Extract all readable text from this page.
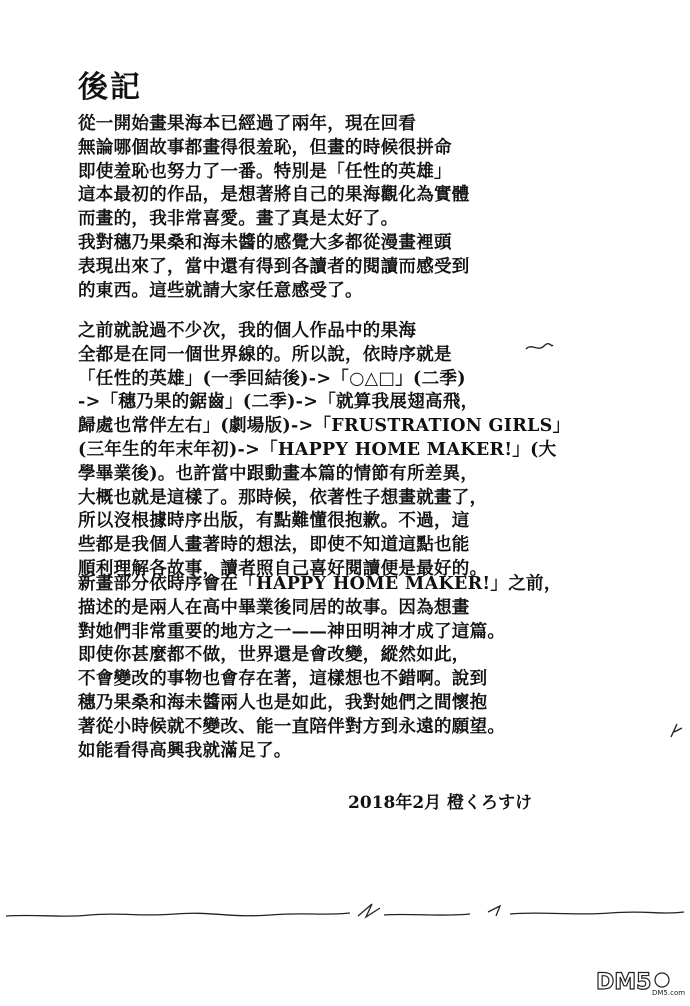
後記
從一開始畫果海本已經過了兩年，現在回看
無論哪個故事都畫得很羞恥，但畫的時候很拼命
即使羞恥也努力了一番。特別是「任性的英雄」
這本最初的作品，是想著將自己的果海觀化為實體
而畫的，我非常喜愛。畫了真是太好了。
我對穗乃果桑和海未醬的感覺大多都從漫畫裡頭
表現出來了，當中還有得到各讀者的閱讀而感受到
的東西。這些就請大家任意感受了。
之前就說過不少次，我的個人作品中的果海
全都是在同一個世界線的。所以說，依時序就是
「任性的英雄」(一季回結後)->「○△□」(二季)
->「穗乃果的鋸齒」(二季)->「就算我展翅高飛，
歸處也常伴左右」(劇場版)->「FRUSTRATION GIRLS」
(三年生的年末年初)->「HAPPY HOME MAKER!」(大
學畢業後)。也許當中跟動畫本篇的情節有所差異，
大概也就是這樣了。那時候，依著性子想畫就畫了，
所以沒根據時序出版，有點難懂很抱歉。不過，這
些都是我個人畫著時的想法，即使不知道這點也能
順利理解各故事，讀者照自己喜好閱讀便是最好的。
新畫部分依時序會在「HAPPY HOME MAKER!」之前，
描述的是兩人在高中畢業後同居的故事。因為想畫
對她們非常重要的地方之一——神田明神才成了這篇。
即使你甚麼都不做，世界還是會改變，縱然如此，
不會變改的事物也會存在著，這樣想也不錯啊。說到
穗乃果桑和海未醬兩人也是如此，我對她們之間懷抱
著從小時候就不變改、能一直陪伴對方到永遠的願望。
如能看得高興我就滿足了。
2018年2月 橙くろすけ
DM5 DM5.com
